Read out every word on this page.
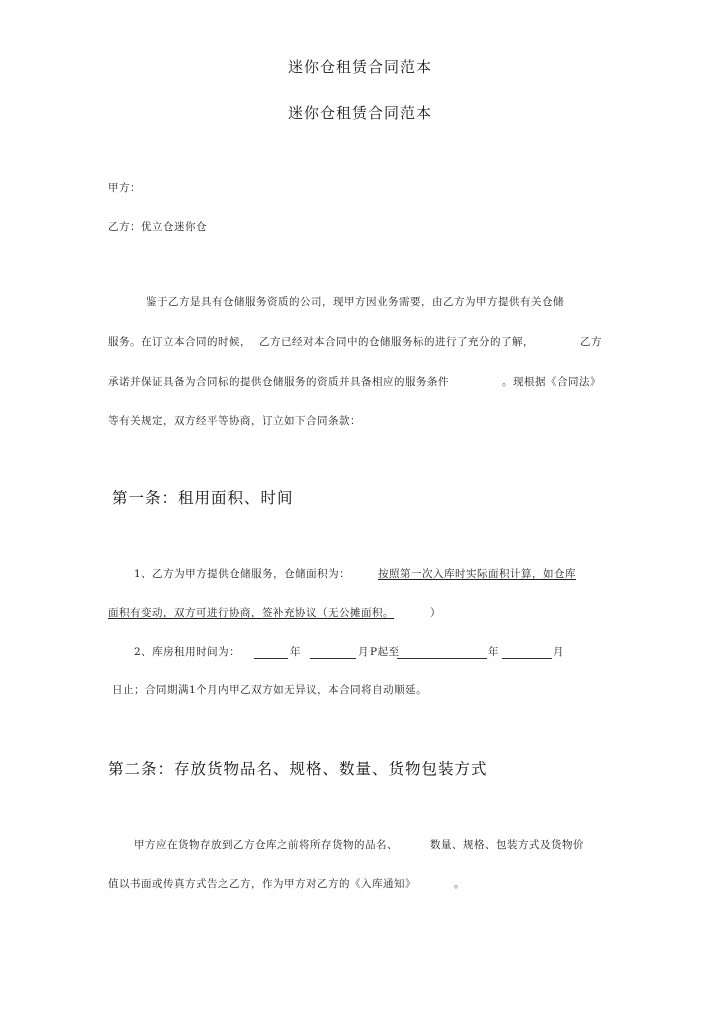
迷你仓租赁合同范本
迷你仓租赁合同范本
甲方：
乙方：优立仓迷你仓
鉴于乙方是具有仓储服务资质的公司，现甲方因业务需要，由乙方为甲方提供有关仓储
服务。在订立本合同的时候， 乙方已经对本合同中的仓储服务标的进行了充分的了解，	乙方
承诺并保证具备为合同标的提供仓储服务的资质并具备相应的服务条件	。现根据《合同法》
等有关规定，双方经平等协商，订立如下合同条款：
第一条：租用面积、时间
1、乙方为甲方提供仓储服务，仓储面积为：	按照第一次入库时实际面积计算，如仓库
面积有变动，双方可进行协商，签补充协议（无公摊面积。	）
2、库房租用时间为：	年	月 P起至	年	月
日止；合同期满1个月内甲乙双方如无异议，本合同将自动顺延。
第二条：存放货物品名、规格、数量、货物包装方式
甲方应在货物存放到乙方仓库之前将所存货物的品名、	数量、规格、包装方式及货物价
值以书面或传真方式告之乙方，作为甲方对乙方的《入库通知》	。
